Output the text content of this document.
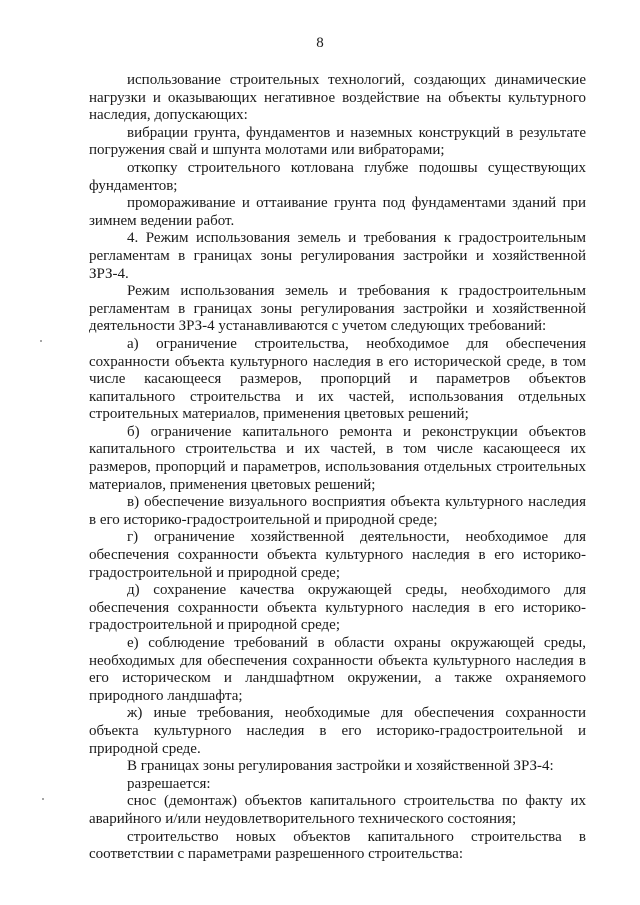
8

использование строительных технологий, создающих динамические нагрузки и оказывающих негативное воздействие на объекты культурного наследия, допускающих:

вибрации грунта, фундаментов и наземных конструкций в результате погружения свай и шпунта молотами или вибраторами;

откопку строительного котлована глубже подошвы существующих фундаментов;

промораживание и оттаивание грунта под фундаментами зданий при зимнем ведении работ.

4. Режим использования земель и требования к градостроительным регламентам в границах зоны регулирования застройки и хозяйственной ЗРЗ-4.

Режим использования земель и требования к градостроительным регламентам в границах зоны регулирования застройки и хозяйственной деятельности ЗРЗ-4 устанавливаются с учетом следующих требований:

а) ограничение строительства, необходимое для обеспечения сохранности объекта культурного наследия в его исторической среде, в том числе касающееся размеров, пропорций и параметров объектов капитального строительства и их частей, использования отдельных строительных материалов, применения цветовых решений;

б) ограничение капитального ремонта и реконструкции объектов капитального строительства и их частей, в том числе касающееся их размеров, пропорций и параметров, использования отдельных строительных материалов, применения цветовых решений;

в) обеспечение визуального восприятия объекта культурного наследия в его историко-градостроительной и природной среде;

г) ограничение хозяйственной деятельности, необходимое для обеспечения сохранности объекта культурного наследия в его историко-градостроительной и природной среде;

д) сохранение качества окружающей среды, необходимого для обеспечения сохранности объекта культурного наследия в его историко-градостроительной и природной среде;

е) соблюдение требований в области охраны окружающей среды, необходимых для обеспечения сохранности объекта культурного наследия в его историческом и ландшафтном окружении, а также охраняемого природного ландшафта;

ж) иные требования, необходимые для обеспечения сохранности объекта культурного наследия в его историко-градостроительной и природной среде.

В границах зоны регулирования застройки и хозяйственной ЗРЗ-4:

разрешается:

снос (демонтаж) объектов капитального строительства по факту их аварийного и/или неудовлетворительного технического состояния;

строительство новых объектов капитального строительства в соответствии с параметрами разрешенного строительства:
